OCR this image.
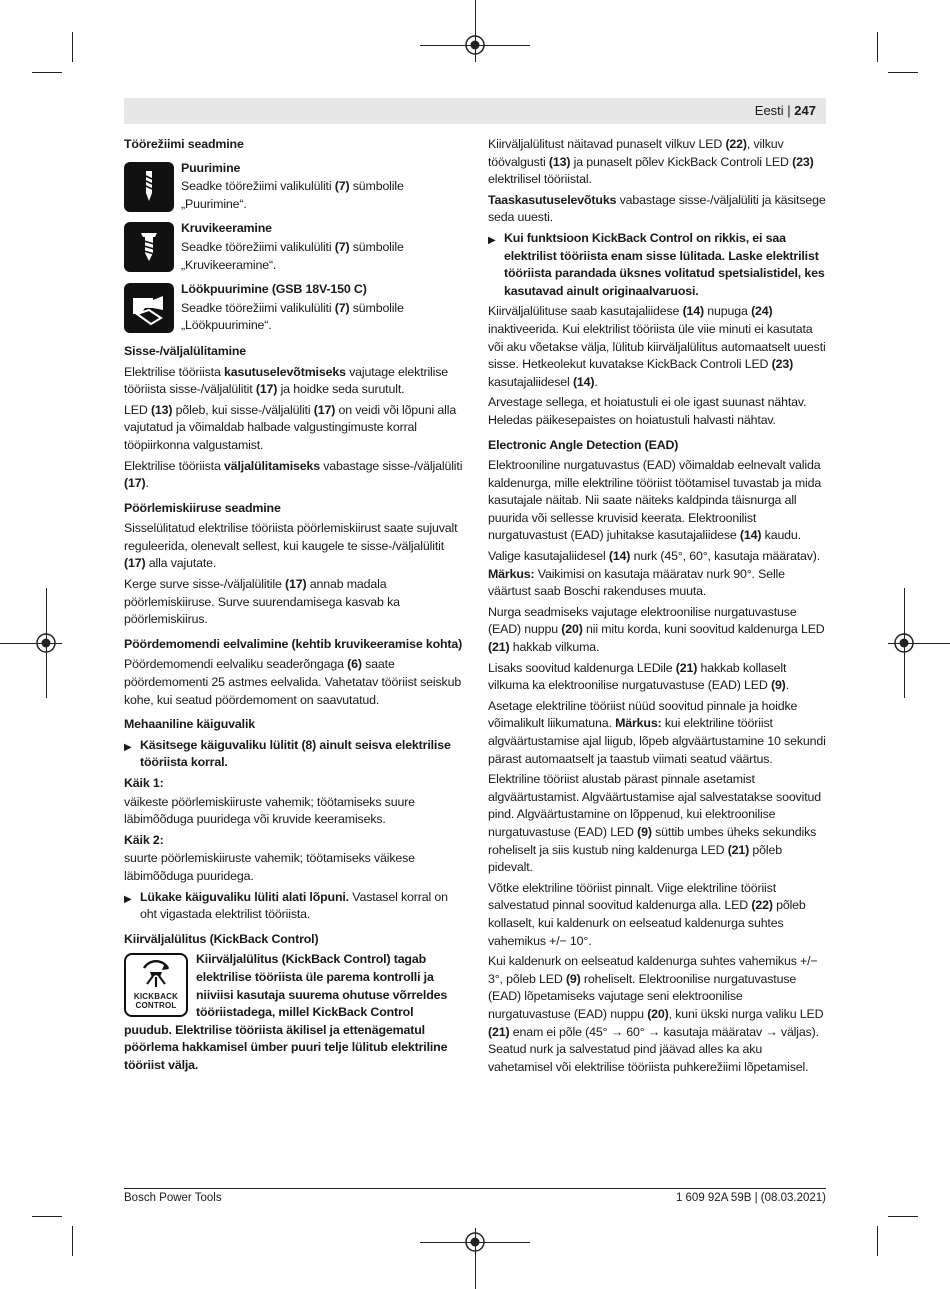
Eesti | 247
Töörežiimi seadmine

Puurimine

Seadke töörežiimi valikulüliti (7) sümbolile „Puurimine“.

Kruvikeeramine

Seadke töörežiimi valikulüliti (7) sümbolile „Kruvikeeramine“.

Löökpuurimine (GSB 18V-150 C)

Seadke töörežiimi valikulüliti (7) sümbolile „Löökpuurimine“.

Sisse-/väljalülitamine

Elektrilise tööriista kasutuselevõtmiseks vajutage elektrilise tööriista sisse-/väljalülitit (17) ja hoidke seda surutult.

LED (13) põleb, kui sisse-/väljalüliti (17) on veidi või lõpuni alla vajutatud ja võimaldab halbade valgustingimuste korral tööpiirkonna valgustamist.

Elektrilise tööriista väljalülitamiseks vabastage sisse-/väljalüliti (17).

Pöörlemiskiiruse seadmine

Sisselülitatud elektrilise tööriista pöörlemiskiirust saate sujuvalt reguleerida, olenevalt sellest, kui kaugele te sisse-/väljalülitit (17) alla vajutate.

Kerge surve sisse-/väljalülitile (17) annab madala pöörlemiskiiruse. Surve suurendamisega kasvab ka pöörlemiskiirus.

Pöördemomendi eelvalimine (kehtib kruvikeeramise kohta)

Pöördemomendi eelvaliku seaderõngaga (6) saate pöördemomenti 25 astmes eelvalida. Vahetatav tööriist seiskub kohe, kui seatud pöördemoment on saavutatud.

Mehaaniline käiguvalik
▶ Käsitsege käiguvaliku lülitit (8) ainult seisva elektrilise tööriista korral.

Käik 1:

väikeste pöörlemiskiiruste vahemik; töötamiseks suure läbimõõduga puuridega või kruvide keeramiseks.

Käik 2:

suurte pöörlemiskiiruste vahemik; töötamiseks väikese läbimõõduga puuridega.

▶ Lükake käiguvaliku lüliti alati lõpuni. Vastasel korral on oht vigastada elektrilist tööriista.
Kiirväljalülitus (KickBack Control)
KICKBACK
CONTROL

Kiirväljalülitus (KickBack Control) tagab elektrilise tööriista üle parema kontrolli ja niiviisi kasutaja suurema ohutuse võrreldes tööriistadega, millel KickBack Control puudub. Elektrilise tööriista äkilisel ja ettenägematul pöörlema hakkamisel ümber puuri telje lülitub elektriline tööriist välja.

Kiirväljalülitust näitavad punaselt vilkuv LED (22), vilkuv töövalgusti (13) ja punaselt põlev KickBack Controli LED (23) elektrilisel tööriistal.

Taaskasutuselevõtuks vabastage sisse-/väljalüliti ja käsitsege seda uuesti.

▶ Kui funktsioon KickBack Control on rikkis, ei saa elektrilist tööriista enam sisse lülitada. Laske elektrilist tööriista parandada üksnes volitatud spetsialistidel, kes kasutavad ainult originaalvaruosi.

Kiirväljalülituse saab kasutajaliidese (14) nupuga (24) inaktiveerida. Kui elektrilist tööriista üle viie minuti ei kasutata või aku võetakse välja, lülitub kiirväljalülitus automaatselt uuesti sisse. Hetkeolekut kuvatakse KickBack Controli LED (23) kasutajaliidesel (14).

Arvestage sellega, et hoiatustuli ei ole igast suunast nähtav. Heledas päikesepaistes on hoiatustuli halvasti nähtav.

Electronic Angle Detection (EAD)

Elektrooniline nurgatuvastus (EAD) võimaldab eelnevalt valida kaldenurga, mille elektriline tööriist töötamisel tuvastab ja mida kasutajale näitab. Nii saate näiteks kaldpinda täisnurga all puurida või sellesse kruvisid keerata. Elektroonilist nurgatuvastust (EAD) juhitakse kasutajaliidese (14) kaudu.

Valige kasutajaliidesel (14) nurk (45°, 60°, kasutaja määratav). Märkus: Vaikimisi on kasutaja määratav nurk 90°. Selle väärtust saab Boschi rakenduses muuta.

Nurga seadmiseks vajutage elektroonilise nurgatuvastuse (EAD) nuppu (20) nii mitu korda, kuni soovitud kaldenurga LED (21) hakkab vilkuma.

Lisaks soovitud kaldenurga LEDile (21) hakkab kollaselt vilkuma ka elektroonilise nurgatuvastuse (EAD) LED (9).

Asetage elektriline tööriist nüüd soovitud pinnale ja hoidke võimalikult liikumatuna. Märkus: kui elektriline tööriist algväärtustamise ajal liigub, lõpeb algväärtustamine 10 sekundi pärast automaatselt ja taastub viimati seatud väärtus.

Elektriline tööriist alustab pärast pinnale asetamist algväärtustamist. Algväärtustamise ajal salvestatakse soovitud pind. Algväärtustamine on lõppenud, kui elektroonilise nurgatuvastuse (EAD) LED (9) süttib umbes üheks sekundiks roheliselt ja siis kustub ning kaldenurga LED (21) põleb pidevalt.

Võtke elektriline tööriist pinnalt. Viige elektriline tööriist salvestatud pinnal soovitud kaldenurga alla. LED (22) põleb kollaselt, kui kaldenurk on eelseatud kaldenurga suhtes vahemikus +/− 10°.

Kui kaldenurk on eelseatud kaldenurga suhtes vahemikus +/− 3°, põleb LED (9) roheliselt. Elektroonilise nurgatuvastuse (EAD) lõpetamiseks vajutage seni elektroonilise nurgatuvastuse (EAD) nuppu (20), kuni ükski nurga valiku LED (21) enam ei põle (45° → 60° → kasutaja määratav → väljas). Seatud nurk ja salvestatud pind jäävad alles ka aku vahetamisel või elektrilise tööriista puhkerežiimi lõpetamisel.

Bosch Power Tools	1 609 92A 59B | (08.03.2021)
